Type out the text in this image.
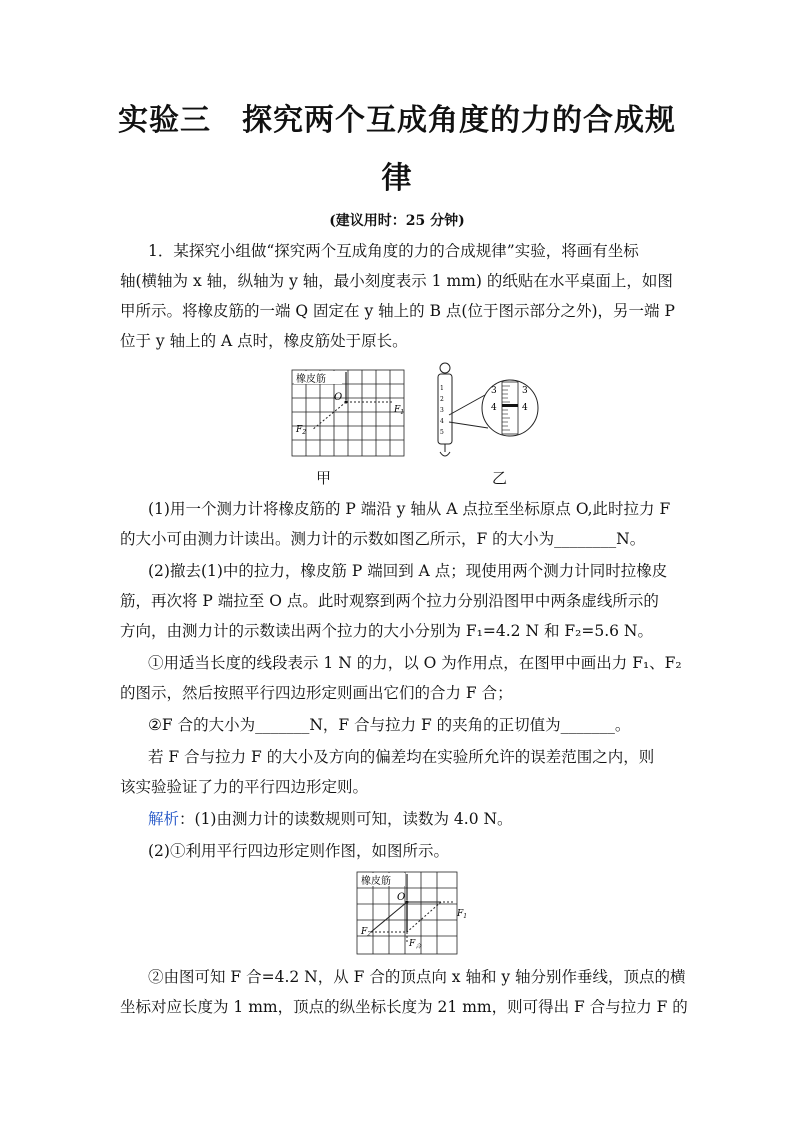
实验三　探究两个互成角度的力的合成规
律
(建议用时：25 分钟)
1．某探究小组做“探究两个互成角度的力的合成规律”实验，将画有坐标
轴(横轴为 x 轴，纵轴为 y 轴，最小刻度表示 1 mm) 的纸贴在水平桌面上，如图
甲所示。将橡皮筋的一端 Q 固定在 y 轴上的 B 点(位于图示部分之外)，另一端 P
位于 y 轴上的 A 点时，橡皮筋处于原长。
橡皮筋
O
$F_1$
$F_2$
1
2
3
4
5
3
4
3
4
甲	乙
(1)用一个测力计将橡皮筋的 P 端沿 y 轴从 A 点拉至坐标原点 O,此时拉力 F
的大小可由测力计读出。测力计的示数如图乙所示，F 的大小为________N。
(2)撤去(1)中的拉力，橡皮筋 P 端回到 A 点；现使用两个测力计同时拉橡皮
筋，再次将 P 端拉至 O 点。此时观察到两个拉力分别沿图甲中两条虚线所示的
方向，由测力计的示数读出两个拉力的大小分别为 F₁=4.2 N 和 F₂=5.6 N。
①用适当长度的线段表示 1 N 的力，以 O 为作用点，在图甲中画出力 F₁、F₂
的图示，然后按照平行四边形定则画出它们的合力 F 合；
②F 合的大小为_______N，F 合与拉力 F 的夹角的正切值为_______。
若 F 合与拉力 F 的大小及方向的偏差均在实验所允许的误差范围之内，则
该实验验证了力的平行四边形定则。
解析：(1)由测力计的读数规则可知，读数为 4.0 N。
(2)①利用平行四边形定则作图，如图所示。
橡皮筋
O
$F_1$
$F_2$
$F_合$
②由图可知 F 合=4.2 N，从 F 合的顶点向 x 轴和 y 轴分别作垂线，顶点的横
坐标对应长度为 1 mm，顶点的纵坐标长度为 21 mm，则可得出 F 合与拉力 F 的
